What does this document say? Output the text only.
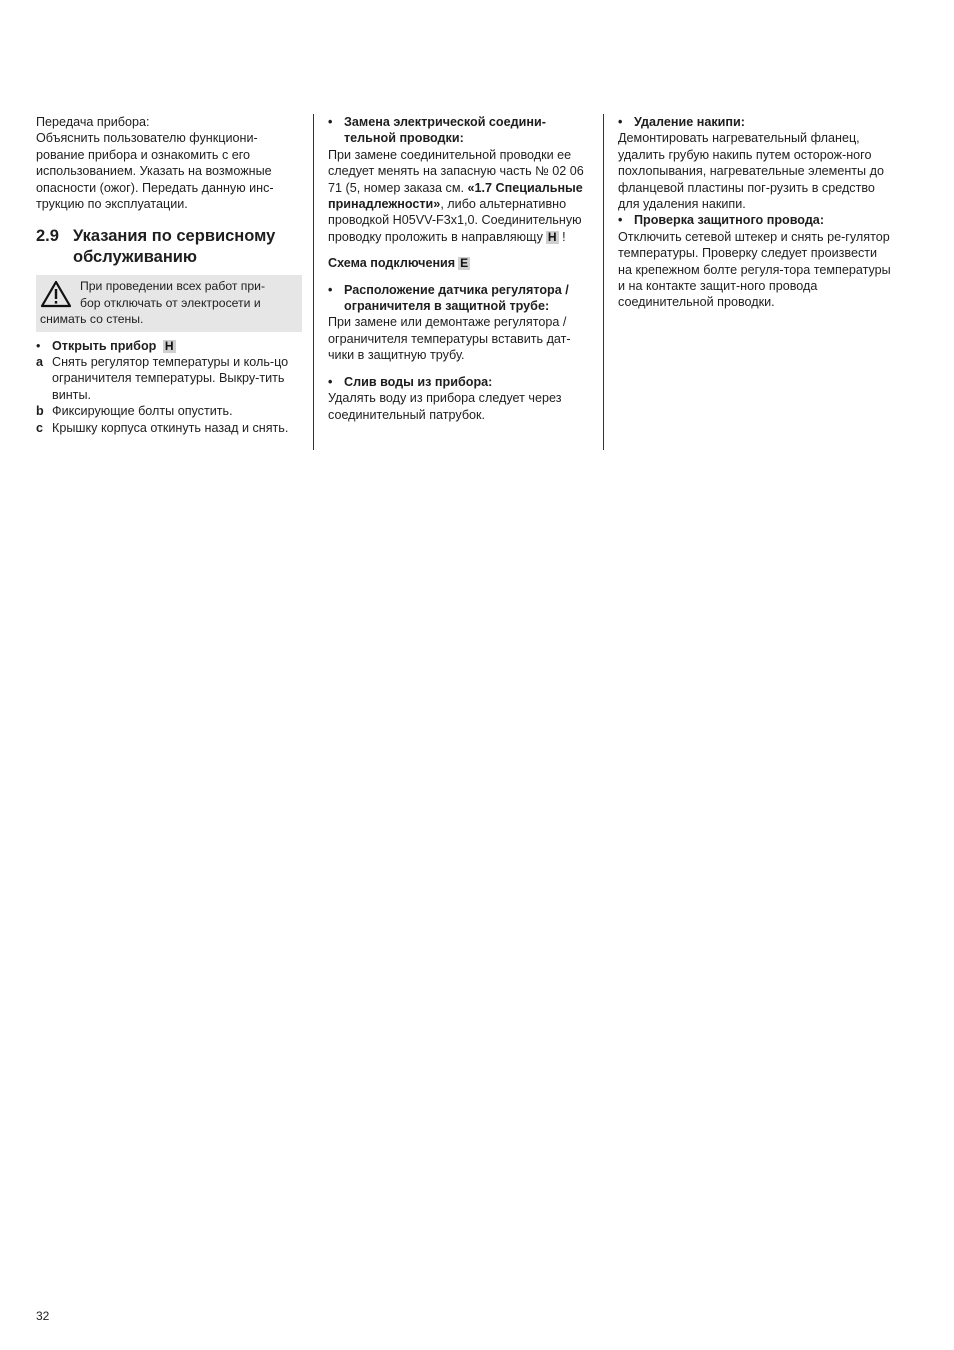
Передача прибора:

Объяснить пользователю функциони-рование прибора и ознакомить с его использованием. Указать на возможные опасности (ожог). Передать данную инс-трукцию по эксплуатации.

2.9 Указания по сервисному обслуживанию
При проведении всех работ при-
бор отключать от электросети и
снимать со стены.
• Открыть прибор H
a Снять регулятор температуры и коль-цо ограничителя температуры. Выкру-тить винты.
b Фиксирующие болты опустить.
c Крышку корпуса откинуть назад и снять.
• Замена электрической соедини-тельной проводки:

При замене соединительной проводки ее следует менять на запасную часть № 02 06 71 (5, номер заказа см. «1.7 Специальные принадлежности», либо альтернативно проводкой H05VV-F3x1,0. Соединительную проводку проложить в направляющу H !

Схема подключения E

• Расположение датчика регулятора / ограничителя в защитной трубе:

При замене или демонтаже регулятора / ограничителя температуры вставить дат-чики в защитную трубу.

• Слив воды из прибора:

Удалять воду из прибора следует через соединительный патрубок.

• Удаление накипи:

Демонтировать нагревательный фланец, удалить грубую накипь путем осторож-ного похлопывания, нагревательные элементы до фланцевой пластины пог-рузить в средство для удаления накипи.

• Проверка защитного провода:

Отключить сетевой штекер и снять ре-гулятор температуры. Проверку следует произвести на крепежном болте регуля-тора температуры и на контакте защит-ного провода соединительной проводки.

32
